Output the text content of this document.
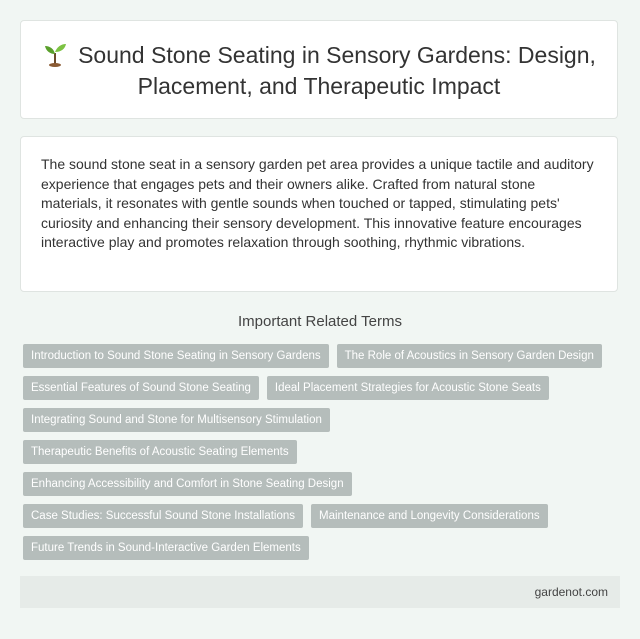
Sound Stone Seating in Sensory Gardens: Design, Placement, and Therapeutic Impact

The sound stone seat in a sensory garden pet area provides a unique tactile and auditory experience that engages pets and their owners alike. Crafted from natural stone materials, it resonates with gentle sounds when touched or tapped, stimulating pets' curiosity and enhancing their sensory development. This innovative feature encourages interactive play and promotes relaxation through soothing, rhythmic vibrations.

Important Related Terms
Introduction to Sound Stone Seating in Sensory Gardens	The Role of Acoustics in Sensory Garden Design
Essential Features of Sound Stone Seating	Ideal Placement Strategies for Acoustic Stone Seats
Integrating Sound and Stone for Multisensory Stimulation
Therapeutic Benefits of Acoustic Seating Elements
Enhancing Accessibility and Comfort in Stone Seating Design
Case Studies: Successful Sound Stone Installations	Maintenance and Longevity Considerations
Future Trends in Sound-Interactive Garden Elements
gardenot.com
